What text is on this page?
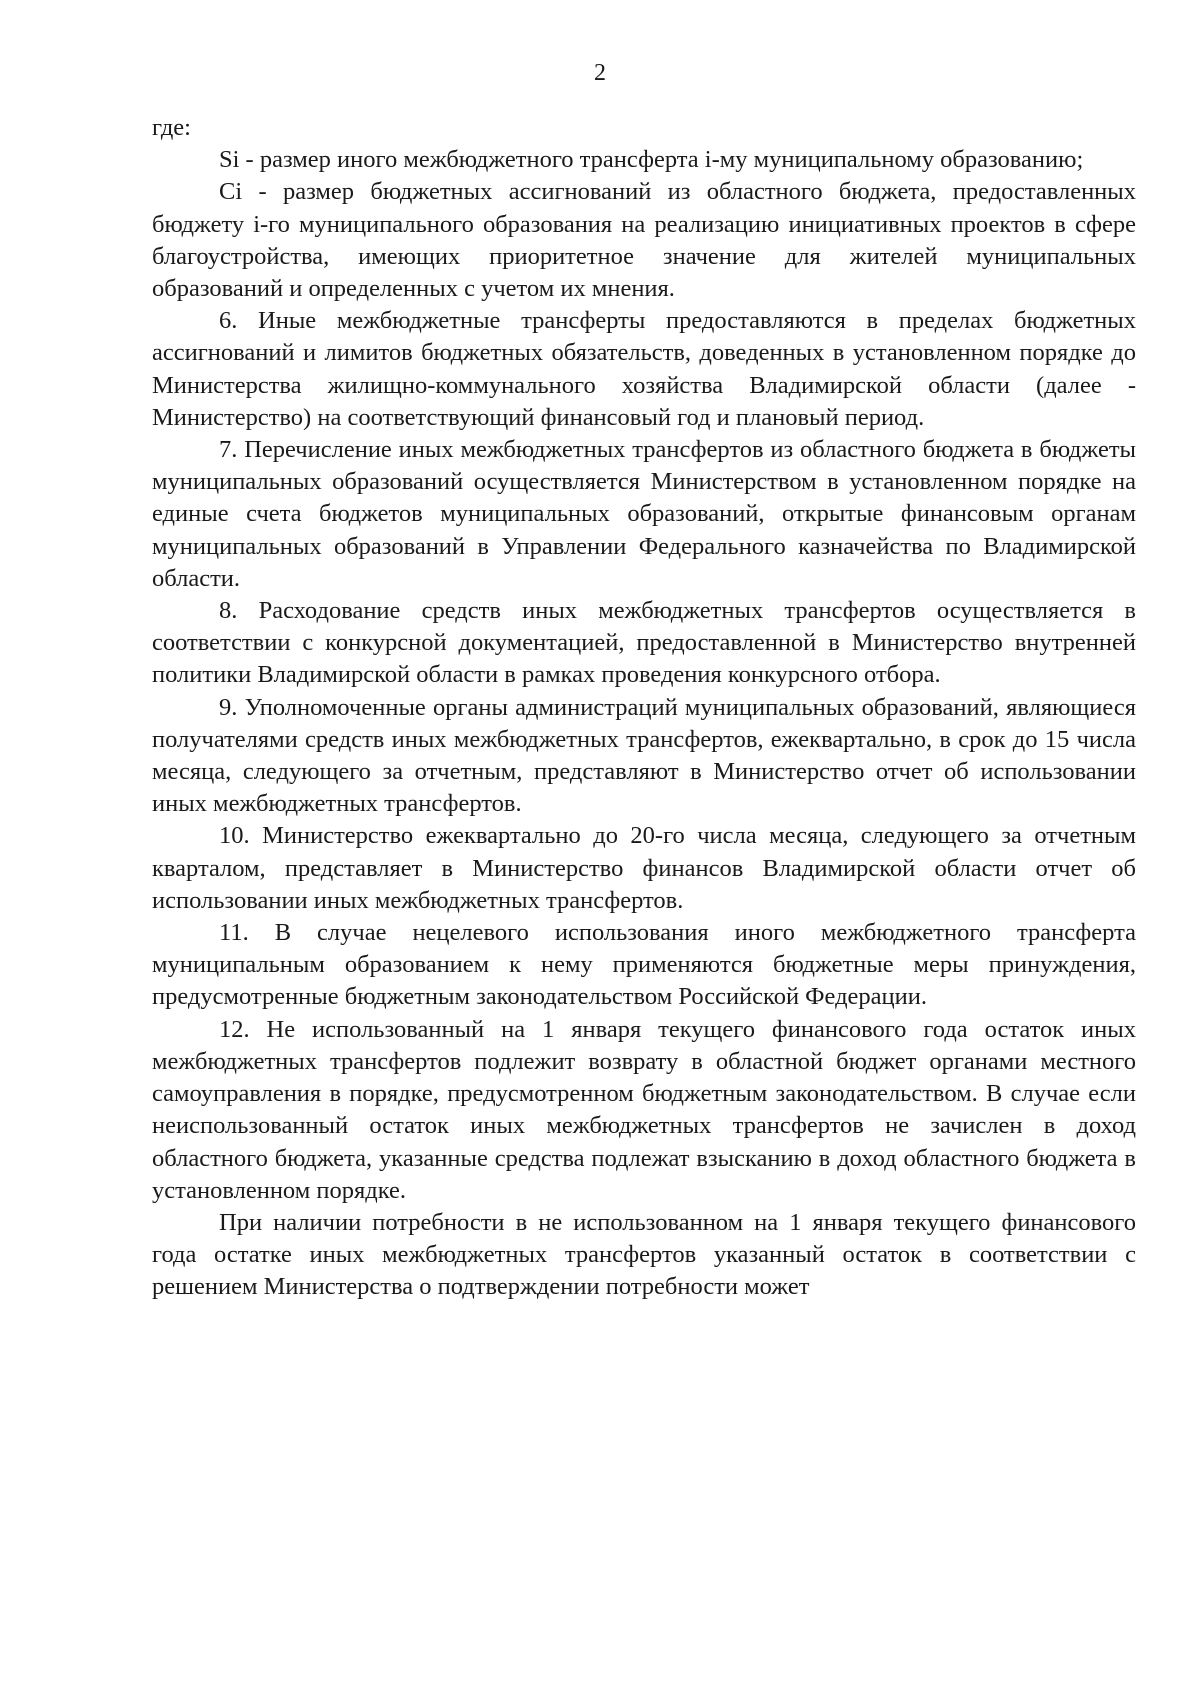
2

где:

Si - размер иного межбюджетного трансферта i-му муниципальному образованию;

Ci - размер бюджетных ассигнований из областного бюджета, предоставленных бюджету i-го муниципального образования на реализацию инициативных проектов в сфере благоустройства, имеющих приоритетное значение для жителей муниципальных образований и определенных с учетом их мнения.

6. Иные межбюджетные трансферты предоставляются в пределах бюджетных ассигнований и лимитов бюджетных обязательств, доведенных в установленном порядке до Министерства жилищно-коммунального хозяйства Владимирской области (далее - Министерство) на соответствующий финансовый год и плановый период.

7. Перечисление иных межбюджетных трансфертов из областного бюджета в бюджеты муниципальных образований осуществляется Министерством в установленном порядке на единые счета бюджетов муниципальных образований, открытые финансовым органам муниципальных образований в Управлении Федерального казначейства по Владимирской области.

8. Расходование средств иных межбюджетных трансфертов осуществляется в соответствии с конкурсной документацией, предоставленной в Министерство внутренней политики Владимирской области в рамках проведения конкурсного отбора.

9. Уполномоченные органы администраций муниципальных образований, являющиеся получателями средств иных межбюджетных трансфертов, ежеквартально, в срок до 15 числа месяца, следующего за отчетным, представляют в Министерство отчет об использовании иных межбюджетных трансфертов.

10. Министерство ежеквартально до 20-го числа месяца, следующего за отчетным кварталом, представляет в Министерство финансов Владимирской области отчет об использовании иных межбюджетных трансфертов.

11. В случае нецелевого использования иного межбюджетного трансферта муниципальным образованием к нему применяются бюджетные меры принуждения, предусмотренные бюджетным законодательством Российской Федерации.

12. Не использованный на 1 января текущего финансового года остаток иных межбюджетных трансфертов подлежит возврату в областной бюджет органами местного самоуправления в порядке, предусмотренном бюджетным законодательством. В случае если неиспользованный остаток иных межбюджетных трансфертов не зачислен в доход областного бюджета, указанные средства подлежат взысканию в доход областного бюджета в установленном порядке.

При наличии потребности в не использованном на 1 января текущего финансового года остатке иных межбюджетных трансфертов указанный остаток в соответствии с решением Министерства о подтверждении потребности может
